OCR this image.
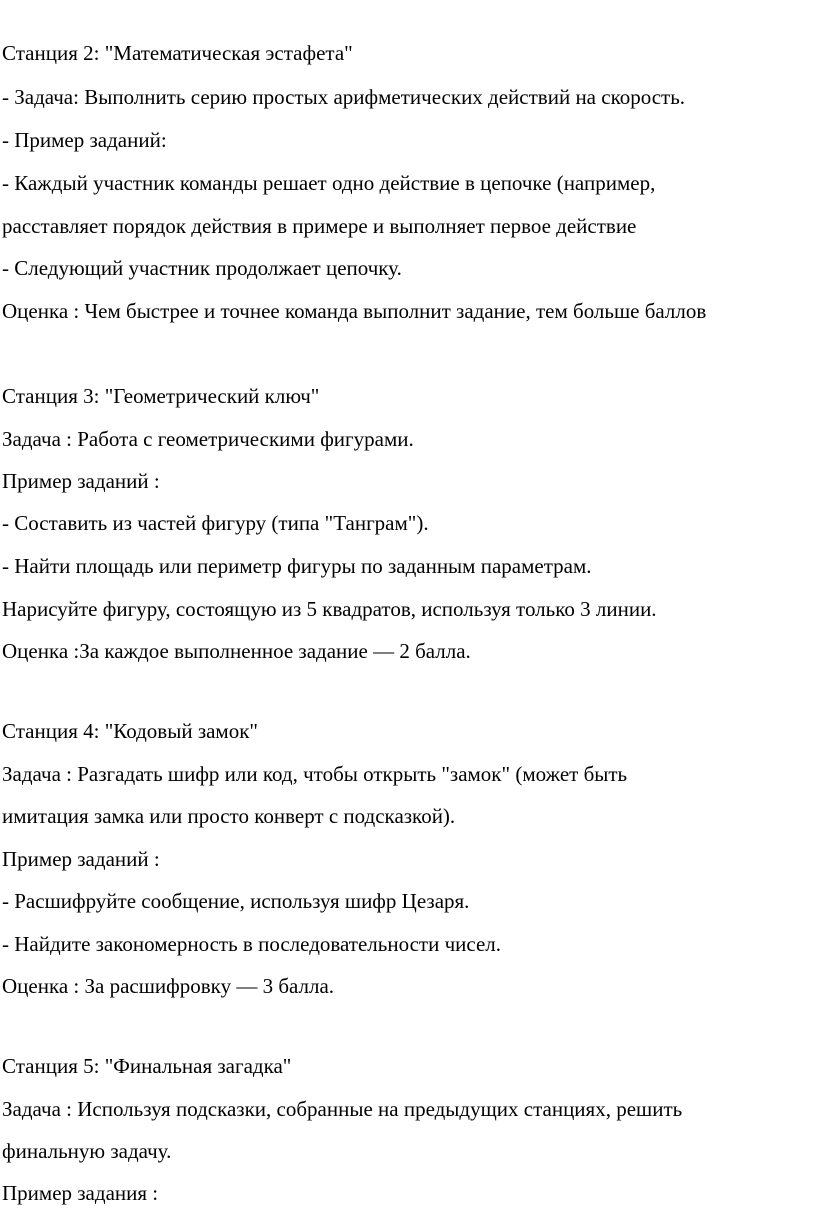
Станция 2: "Математическая эстафета"
- Задача: Выполнить серию простых арифметических действий на скорость.
- Пример заданий:
- Каждый участник команды решает одно действие в цепочке (например,
расставляет порядок действия в примере и выполняет первое действие
- Следующий участник продолжает цепочку.
Оценка : Чем быстрее и точнее команда выполнит задание, тем больше баллов
Станция 3: "Геометрический ключ"
Задача : Работа с геометрическими фигурами.
Пример заданий :
- Составить из частей фигуру (типа "Танграм").
- Найти площадь или периметр фигуры по заданным параметрам.
Нарисуйте фигуру, состоящую из 5 квадратов, используя только 3 линии.
Оценка :За каждое выполненное задание — 2 балла.
Станция 4: "Кодовый замок"
Задача : Разгадать шифр или код, чтобы открыть "замок" (может быть
имитация замка или просто конверт с подсказкой).
Пример заданий :
- Расшифруйте сообщение, используя шифр Цезаря.
- Найдите закономерность в последовательности чисел.
Оценка : За расшифровку — 3 балла.
Станция 5: "Финальная загадка"
Задача : Используя подсказки, собранные на предыдущих станциях, решить
финальную задачу.
Пример задания :
